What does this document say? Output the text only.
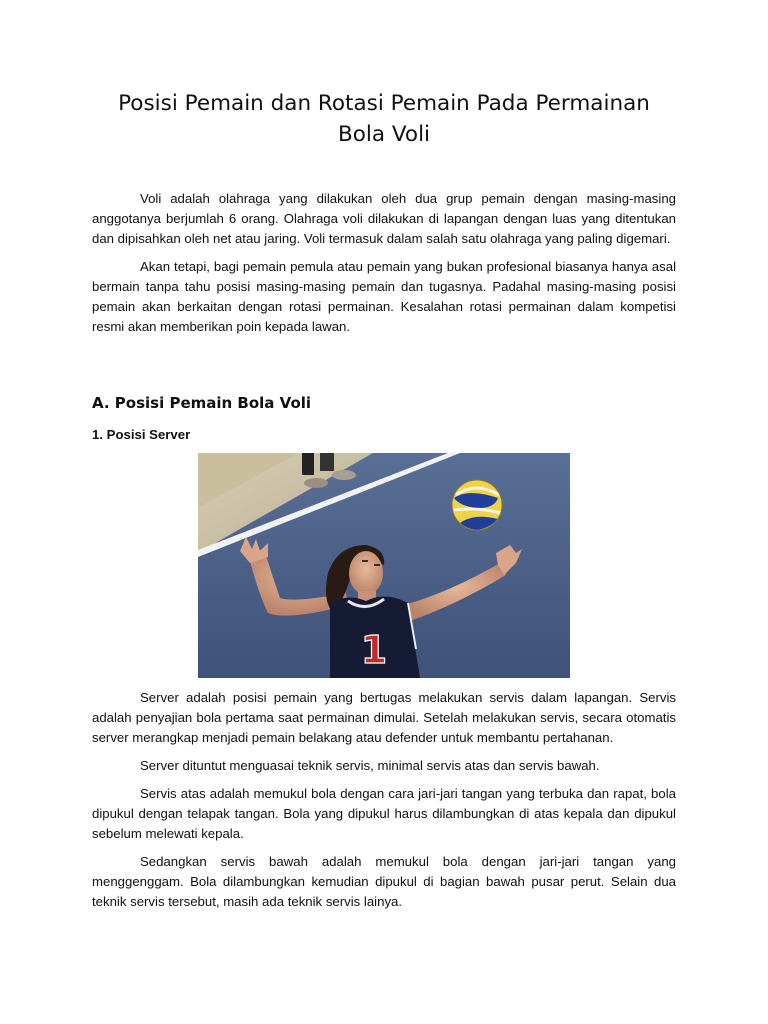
Posisi Pemain dan Rotasi Pemain Pada Permainan
Bola Voli

Voli adalah olahraga yang dilakukan oleh dua grup pemain dengan masing-masing anggotanya berjumlah 6 orang. Olahraga voli dilakukan di lapangan dengan luas yang ditentukan dan dipisahkan oleh net atau jaring. Voli termasuk dalam salah satu olahraga yang paling digemari.

Akan tetapi, bagi pemain pemula atau pemain yang bukan profesional biasanya hanya asal bermain tanpa tahu posisi masing-masing pemain dan tugasnya. Padahal masing-masing posisi pemain akan berkaitan dengan rotasi permainan. Kesalahan rotasi permainan dalam kompetisi resmi akan memberikan poin kepada lawan.

A. Posisi Pemain Bola Voli
1. Posisi Server
1

Server adalah posisi pemain yang bertugas melakukan servis dalam lapangan. Servis adalah penyajian bola pertama saat permainan dimulai. Setelah melakukan servis, secara otomatis server merangkap menjadi pemain belakang atau defender untuk membantu pertahanan.

Server dituntut menguasai teknik servis, minimal servis atas dan servis bawah.

Servis atas adalah memukul bola dengan cara jari-jari tangan yang terbuka dan rapat, bola dipukul dengan telapak tangan. Bola yang dipukul harus dilambungkan di atas kepala dan dipukul sebelum melewati kepala.

Sedangkan servis bawah adalah memukul bola dengan jari-jari tangan yang menggenggam. Bola dilambungkan kemudian dipukul di bagian bawah pusar perut. Selain dua teknik servis tersebut, masih ada teknik servis lainya.
